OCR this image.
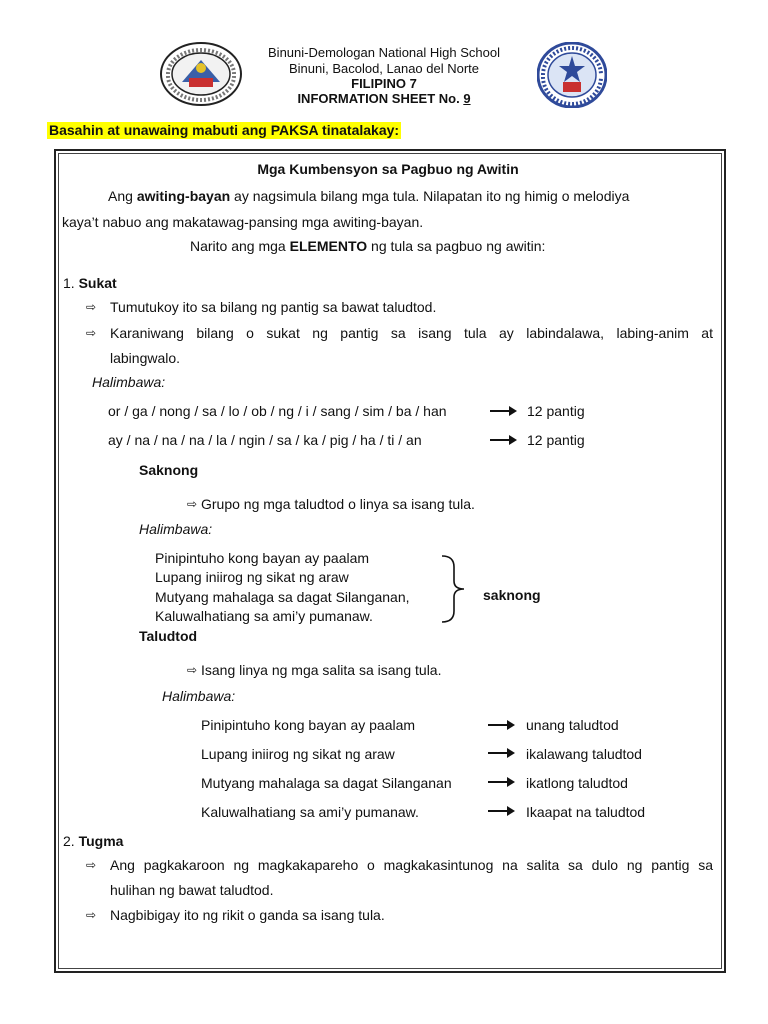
Binuni-Demologan National High School
Binuni, Bacolod, Lanao del Norte
FILIPINO 7
INFORMATION SHEET No. 9
Basahin at unawaing mabuti ang PAKSA tinatalakay:
Mga Kumbensyon sa Pagbuo ng Awitin
Ang awiting-bayan ay nagsimula bilang mga tula. Nilapatan ito ng himig o melodiya
kaya’t nabuo ang makatawag-pansing mga awiting-bayan.
Narito ang mga ELEMENTO ng tula sa pagbuo ng awitin:
1. Sukat
⇨ Tumutukoy ito sa bilang ng pantig sa bawat taludtod.
⇨ Karaniwang bilang o sukat ng pantig sa isang tula ay labindalawa, labing-anim at
labingwalo.
Halimbawa:
or / ga / nong / sa / lo / ob / ng / i / sang / sim / ba / han	12 pantig
ay / na / na / na / la / ngin / sa / ka / pig / ha / ti / an	12 pantig
Saknong
⇨ Grupo ng mga taludtod o linya sa isang tula.
Halimbawa:
Pinipintuho kong bayan ay paalam
Lupang iniirog ng sikat ng araw
Mutyang mahalaga sa dagat Silanganan,
Kaluwalhatiang sa ami’y pumanaw.
saknong
Taludtod
⇨ Isang linya ng mga salita sa isang tula.
Halimbawa:
Pinipintuho kong bayan ay paalam	unang taludtod
Lupang iniirog ng sikat ng araw	ikalawang taludtod
Mutyang mahalaga sa dagat Silanganan	ikatlong taludtod
Kaluwalhatiang sa ami’y pumanaw.	Ikaapat na taludtod
2. Tugma
⇨ Ang pagkakaroon ng magkakapareho o magkakasintunog na salita sa dulo ng pantig sa
hulihan ng bawat taludtod.
⇨ Nagbibigay ito ng rikit o ganda sa isang tula.
